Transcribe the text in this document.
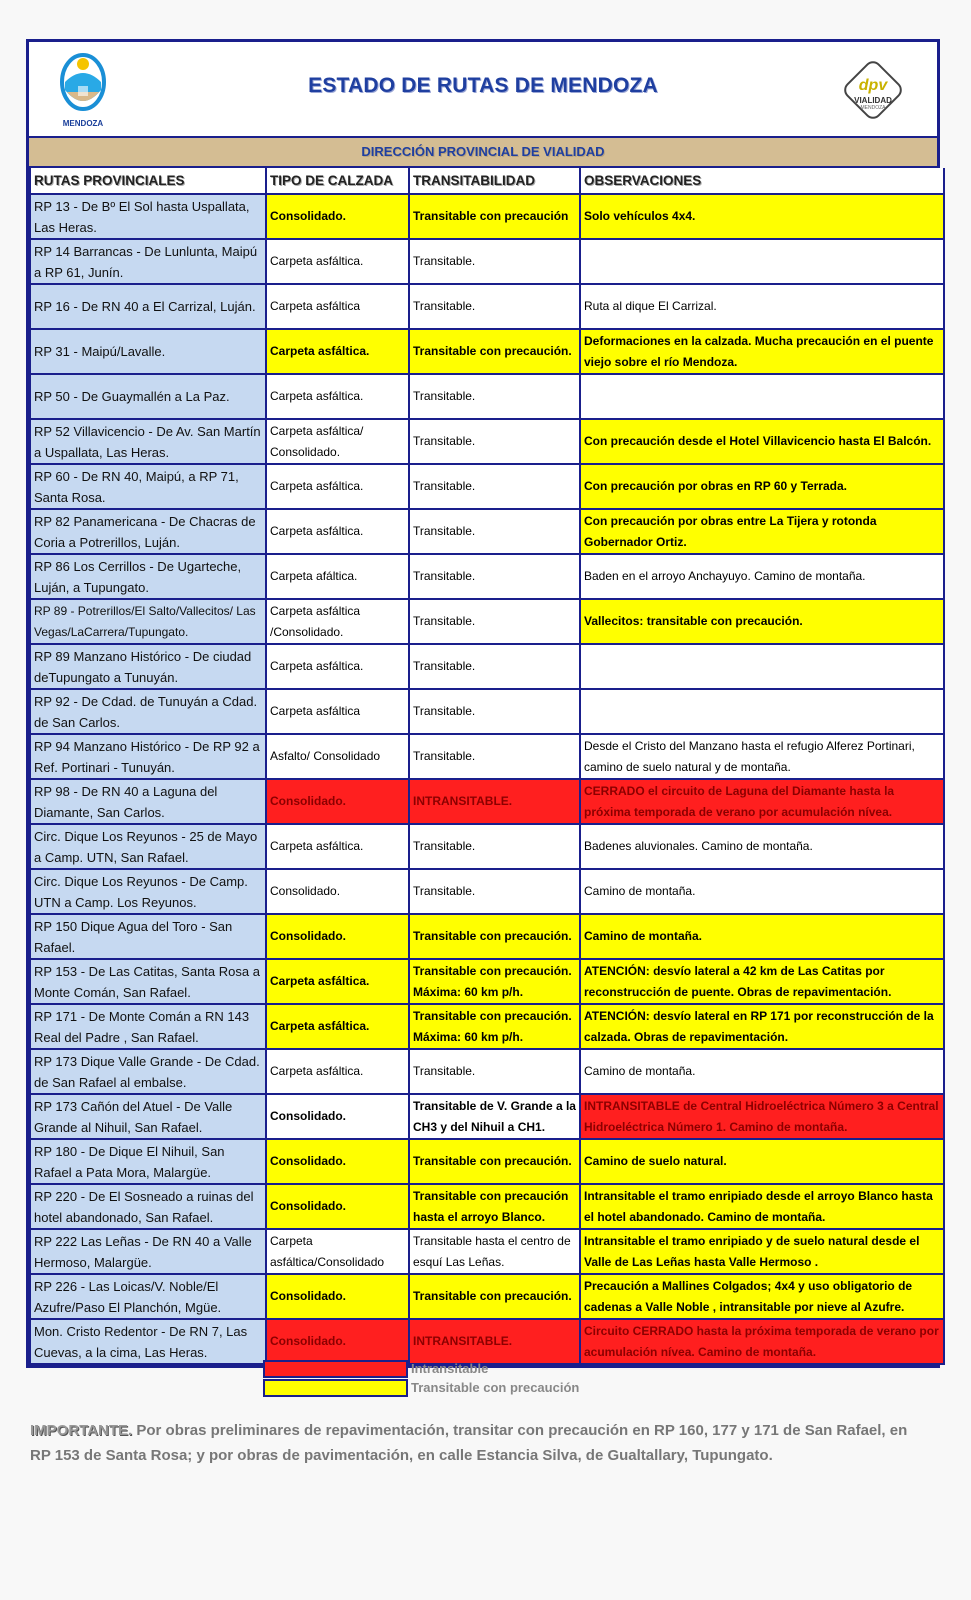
MENDOZA
ESTADO DE RUTAS DE MENDOZA	dpv
VIALIDAD
MENDOZA
DIRECCIÓN PROVINCIAL DE VIALIDAD
RUTAS PROVINCIALES	TIPO DE CALZADA	TRANSITABILIDAD	OBSERVACIONES
RP 13 - De Bº El Sol hasta Uspallata, Las Heras.	Consolidado.	Transitable con precaución	Solo vehículos 4x4.
RP 14 Barrancas - De Lunlunta, Maipú a RP 61, Junín.	Carpeta asfáltica.	Transitable.	
RP 16 - De RN 40 a El Carrizal, Luján.	Carpeta asfáltica	Transitable.	Ruta al dique El Carrizal.
RP 31 - Maipú/Lavalle.	Carpeta asfáltica.	Transitable con precaución.	Deformaciones en la calzada. Mucha precaución en el puente viejo sobre el río Mendoza.
RP 50 - De Guaymallén a La Paz.	Carpeta asfáltica.	Transitable.	
RP 52 Villavicencio - De Av. San Martín a Uspallata, Las Heras.	Carpeta asfáltica/ Consolidado.	Transitable.	Con precaución desde el Hotel Villavicencio hasta El Balcón.
RP 60 - De RN 40, Maipú, a RP 71, Santa Rosa.	Carpeta asfáltica.	Transitable.	Con precaución por obras en RP 60 y Terrada.
RP 82 Panamericana - De Chacras de Coria a Potrerillos, Luján.	Carpeta asfáltica.	Transitable.	Con precaución por obras entre La Tijera y rotonda Gobernador Ortiz.
RP 86 Los Cerrillos - De Ugarteche, Luján, a Tupungato.	Carpeta afáltica.	Transitable.	Baden en el arroyo Anchayuyo. Camino de montaña.
RP 89 - Potrerillos/El Salto/Vallecitos/ Las Vegas/LaCarrera/Tupungato.	Carpeta asfáltica /Consolidado.	Transitable.	Vallecitos: transitable con precaución.
RP 89 Manzano Histórico - De ciudad deTupungato a Tunuyán.	Carpeta asfáltica.	Transitable.	
RP 92 - De Cdad. de Tunuyán a Cdad. de San Carlos.	Carpeta asfáltica	Transitable.	
RP 94 Manzano Histórico - De RP 92 a Ref. Portinari - Tunuyán.	Asfalto/ Consolidado	Transitable.	Desde el Cristo del Manzano hasta el refugio Alferez Portinari, camino de suelo natural y de montaña.
RP 98 - De RN 40 a Laguna del Diamante, San Carlos.	Consolidado.	INTRANSITABLE.	CERRADO el circuito de Laguna del Diamante hasta la próxima temporada de verano por acumulación nívea.
Circ. Dique Los Reyunos - 25 de Mayo a Camp. UTN, San Rafael.	Carpeta asfáltica.	Transitable.	Badenes aluvionales. Camino de montaña.
Circ. Dique Los Reyunos - De Camp. UTN a Camp. Los Reyunos.	Consolidado.	Transitable.	Camino de montaña.
RP 150 Dique Agua del Toro - San Rafael.	Consolidado.	Transitable con precaución.	Camino de montaña.
RP 153 - De Las Catitas, Santa Rosa a Monte Comán, San Rafael.	Carpeta asfáltica.	Transitable con precaución. Máxima: 60 km p/h.	ATENCIÓN: desvío lateral a 42 km de Las Catitas por reconstrucción de puente. Obras de repavimentación.
RP 171 - De Monte Comán a RN 143 Real del Padre , San Rafael.	Carpeta asfáltica.	Transitable con precaución. Máxima: 60 km p/h.	ATENCIÓN: desvío lateral en RP 171 por reconstrucción de la calzada. Obras de repavimentación.
RP 173 Dique Valle Grande - De Cdad. de San Rafael al embalse.	Carpeta asfáltica.	Transitable.	Camino de montaña.
RP 173 Cañón del Atuel - De Valle Grande al Nihuil, San Rafael.	Consolidado.	Transitable de V. Grande a la CH3 y del Nihuil a CH1.	INTRANSITABLE de Central Hidroeléctrica Número 3 a Central Hidroeléctrica Número 1. Camino de montaña.
RP 180 - De Dique El Nihuil, San Rafael a Pata Mora, Malargüe.	Consolidado.	Transitable con precaución.	Camino de suelo natural.
RP 220 - De El Sosneado a ruinas del hotel abandonado, San Rafael.	Consolidado.	Transitable con precaución hasta el arroyo Blanco.	Intransitable el tramo enripiado desde el arroyo Blanco hasta el hotel abandonado. Camino de montaña.
RP 222 Las Leñas - De RN 40 a Valle Hermoso, Malargüe.	Carpeta asfáltica/Consolidado	Transitable hasta el centro de esquí Las Leñas.	Intransitable el tramo enripiado y de suelo natural desde el Valle de Las Leñas hasta Valle Hermoso .
RP 226 - Las Loicas/V. Noble/El Azufre/Paso El Planchón, Mgüe.	Consolidado.	Transitable con precaución.	Precaución a Mallines Colgados; 4x4 y uso obligatorio de cadenas a Valle Noble , intransitable por nieve al Azufre.
Mon. Cristo Redentor - De RN 7, Las Cuevas, a la cima, Las Heras.	Consolidado.	INTRANSITABLE.	Circuito CERRADO hasta la próxima temporada de verano por acumulación nívea. Camino de montaña.
Intransitable
Transitable con precaución
IMPORTANTE. Por obras preliminares de repavimentación, transitar con precaución en RP 160, 177 y 171 de San Rafael, en RP 153 de Santa Rosa; y por obras de pavimentación, en calle Estancia Silva, de Gualtallary, Tupungato.
